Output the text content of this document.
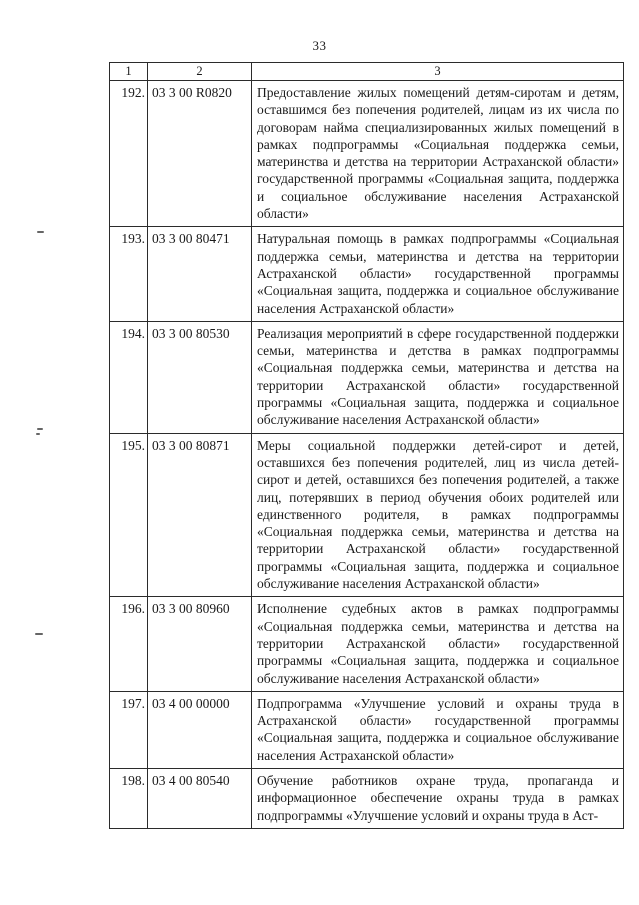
33
1	2	3
192.	03 3 00 R0820	Предоставление жилых помещений детям-сиротам и детям, оставшимся без попечения родителей, лицам из их числа по договорам найма специализированных жилых помещений в рамках подпрограммы «Социальная поддержка семьи, материнства и детства на территории Астраханской области» государственной программы «Социальная защита, поддержка и социальное обслуживание населения Астраханской области»
193.	03 3 00 80471	Натуральная помощь в рамках подпрограммы «Социальная поддержка семьи, материнства и детства на территории Астраханской области» государственной программы «Социальная защита, поддержка и социальное обслуживание населения Астраханской области»
194.	03 3 00 80530	Реализация мероприятий в сфере государственной поддержки семьи, материнства и детства в рамках подпрограммы «Социальная поддержка семьи, материнства и детства на территории Астраханской области» государственной программы «Социальная защита, поддержка и социальное обслуживание населения Астраханской области»
195.	03 3 00 80871	Меры социальной поддержки детей-сирот и детей, оставшихся без попечения родителей, лиц из числа детей-сирот и детей, оставшихся без попечения родителей, а также лиц, потерявших в период обучения обоих родителей или единственного родителя, в рамках подпрограммы «Социальная поддержка семьи, материнства и детства на территории Астраханской области» государственной программы «Социальная защита, поддержка и социальное обслуживание населения Астраханской области»
196.	03 3 00 80960	Исполнение судебных актов в рамках подпрограммы «Социальная поддержка семьи, материнства и детства на территории Астраханской области» государственной программы «Социальная защита, поддержка и социальное обслуживание населения Астраханской области»
197.	03 4 00 00000	Подпрограмма «Улучшение условий и охраны труда в Астраханской области» государственной программы «Социальная защита, поддержка и социальное обслуживание населения Астраханской области»
198.	03 4 00 80540	Обучение работников охране труда, пропаганда и информационное обеспечение охраны труда в рамках подпрограммы «Улучшение условий и охраны труда в Аст-
